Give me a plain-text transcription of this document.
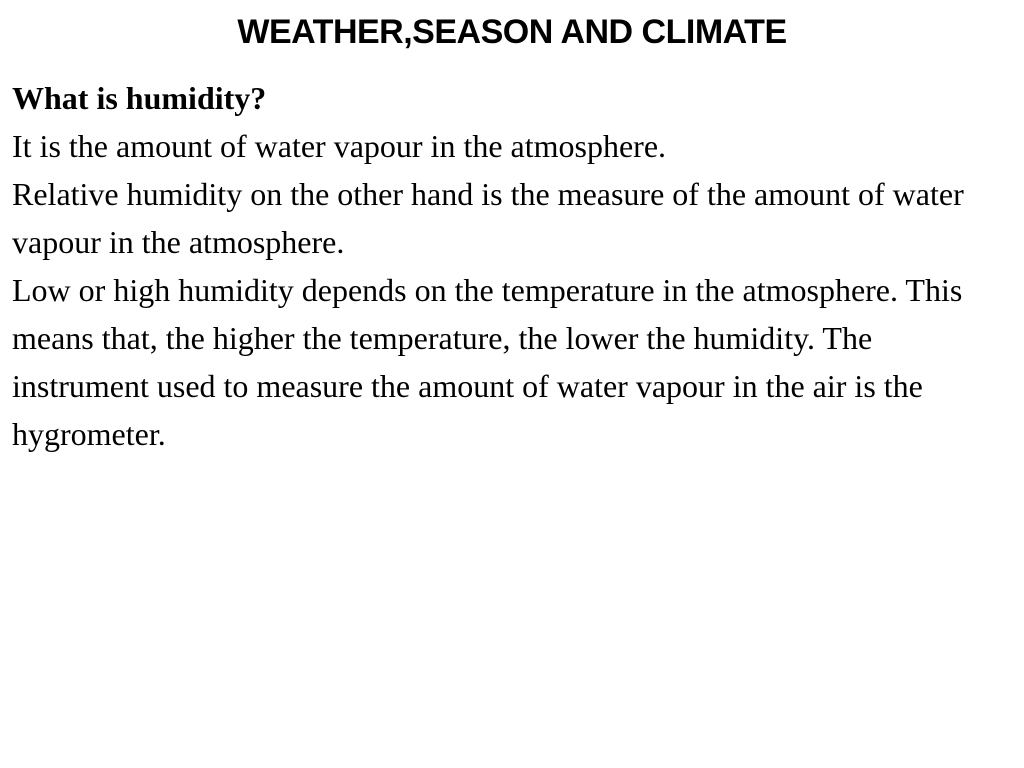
WEATHER,SEASON AND CLIMATE

What is humidity?

It is the amount of water vapour in the atmosphere.

Relative humidity on the other hand is the measure of the amount of water vapour in the atmosphere.

Low or high humidity depends on the temperature in the atmosphere. This means that, the higher the temperature, the lower the humidity. The instrument used to measure the amount of water vapour in the air is the hygrometer.
